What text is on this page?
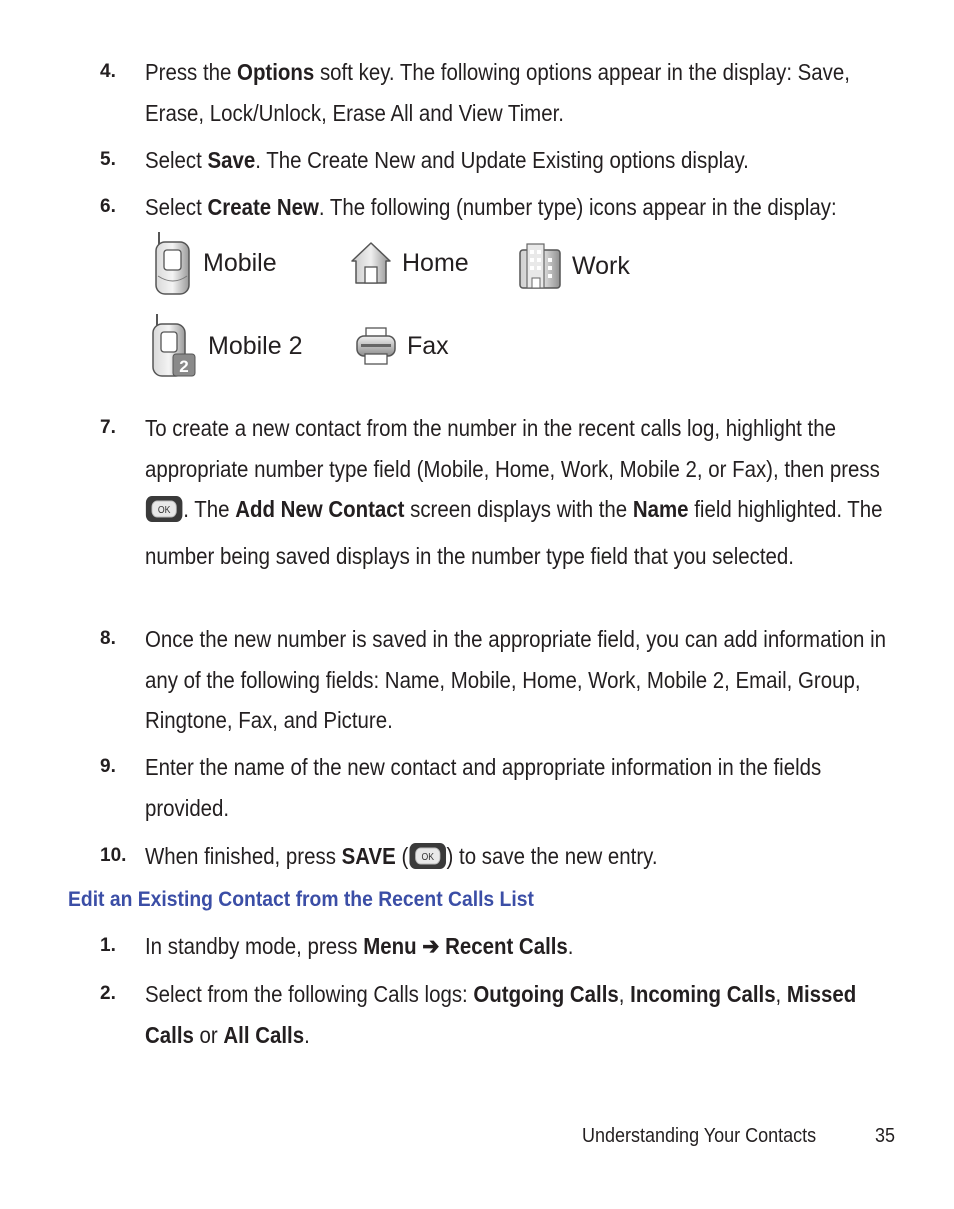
4. Press the Options soft key. The following options appear in the display: Save, Erase, Lock/Unlock, Erase All and View Timer.
5. Select Save. The Create New and Update Existing options display.
6. Select Create New. The following (number type) icons appear in the display:
Mobile	Home	Work
2
Mobile 2	Fax
7. To create a new contact from the number in the recent calls log, highlight the appropriate number type field (Mobile, Home, Work, Mobile 2, or Fax), then press
OK . The Add New Contact screen displays with the Name field highlighted. The number being saved displays in the number type field that you selected.
8. Once the new number is saved in the appropriate field, you can add information in any of the following fields: Name, Mobile, Home, Work, Mobile 2, Email, Group, Ringtone, Fax, and Picture.
9. Enter the name of the new contact and appropriate information in the fields provided.
10. When finished, press SAVE ( OK ) to save the new entry.
Edit an Existing Contact from the Recent Calls List
1. In standby mode, press Menu ➔ Recent Calls.
2. Select from the following Calls logs: Outgoing Calls, Incoming Calls, Missed Calls or All Calls.
Understanding Your Contacts	35
